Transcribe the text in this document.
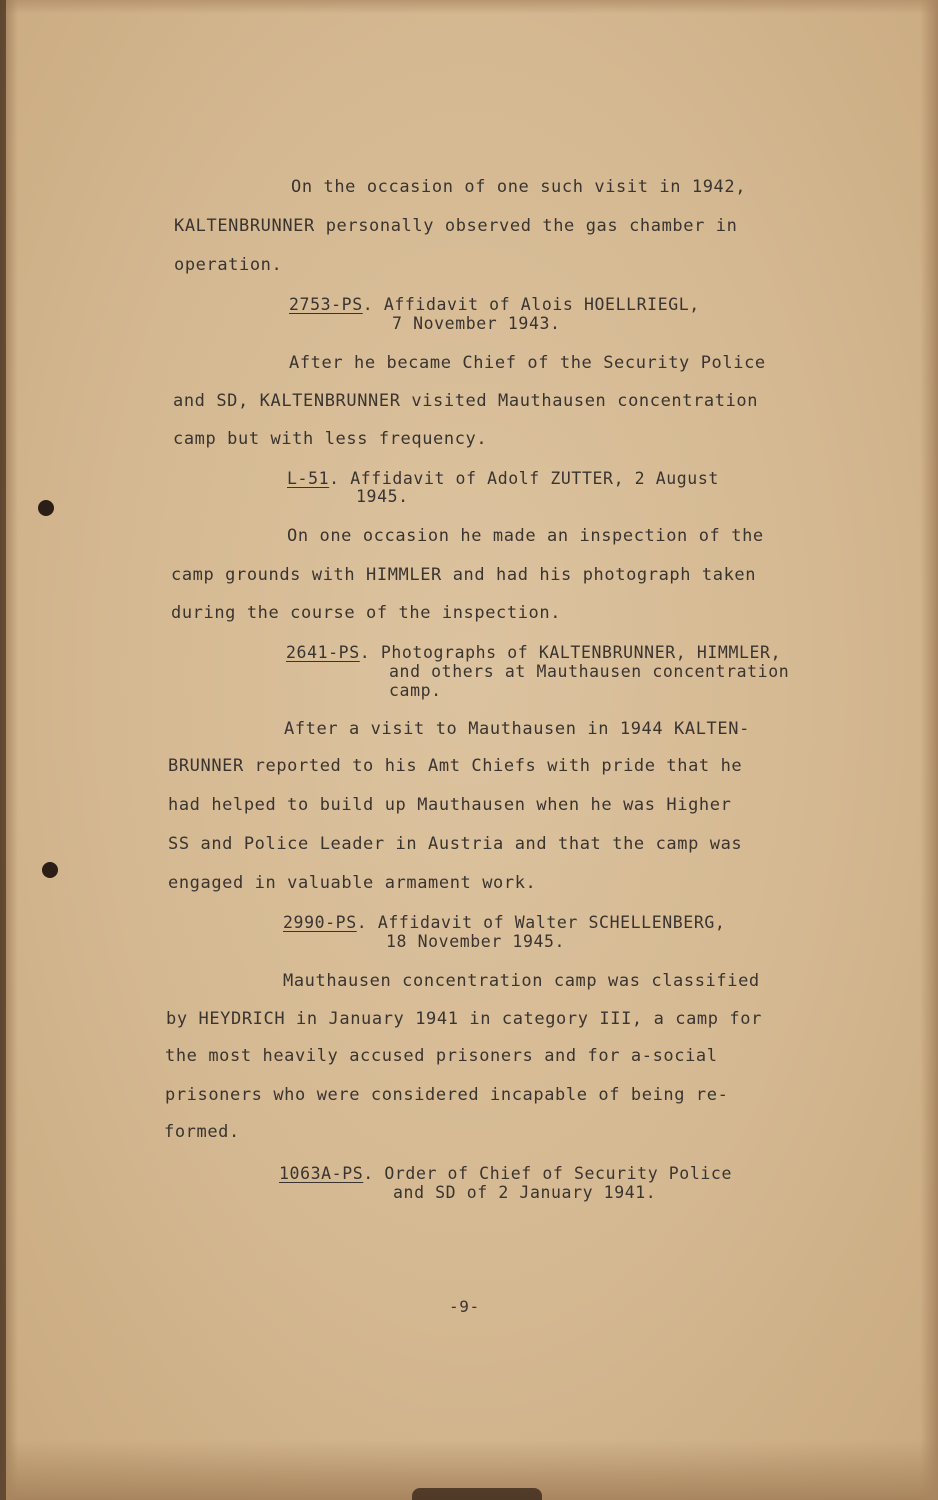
On the occasion of one such visit in 1942,

KALTENBRUNNER personally observed the gas chamber in

operation.

2753-PS. Affidavit of Alois HOELLRIEGL,

7 November 1943.

After he became Chief of the Security Police

and SD, KALTENBRUNNER visited Mauthausen concentration

camp but with less frequency.

L-51. Affidavit of Adolf ZUTTER, 2 August

1945.

On one occasion he made an inspection of the

camp grounds with HIMMLER and had his photograph taken

during the course of the inspection.

2641-PS. Photographs of KALTENBRUNNER, HIMMLER,

and others at Mauthausen concentration

camp.

After a visit to Mauthausen in 1944 KALTEN-

BRUNNER reported to his Amt Chiefs with pride that he

had helped to build up Mauthausen when he was Higher

SS and Police Leader in Austria and that the camp was

engaged in valuable armament work.

2990-PS. Affidavit of Walter SCHELLENBERG,

18 November 1945.

Mauthausen concentration camp was classified

by HEYDRICH in January 1941 in category III, a camp for

the most heavily accused prisoners and for a-social

prisoners who were considered incapable of being re-

formed.

1063A-PS. Order of Chief of Security Police

and SD of 2 January 1941.

-9-
